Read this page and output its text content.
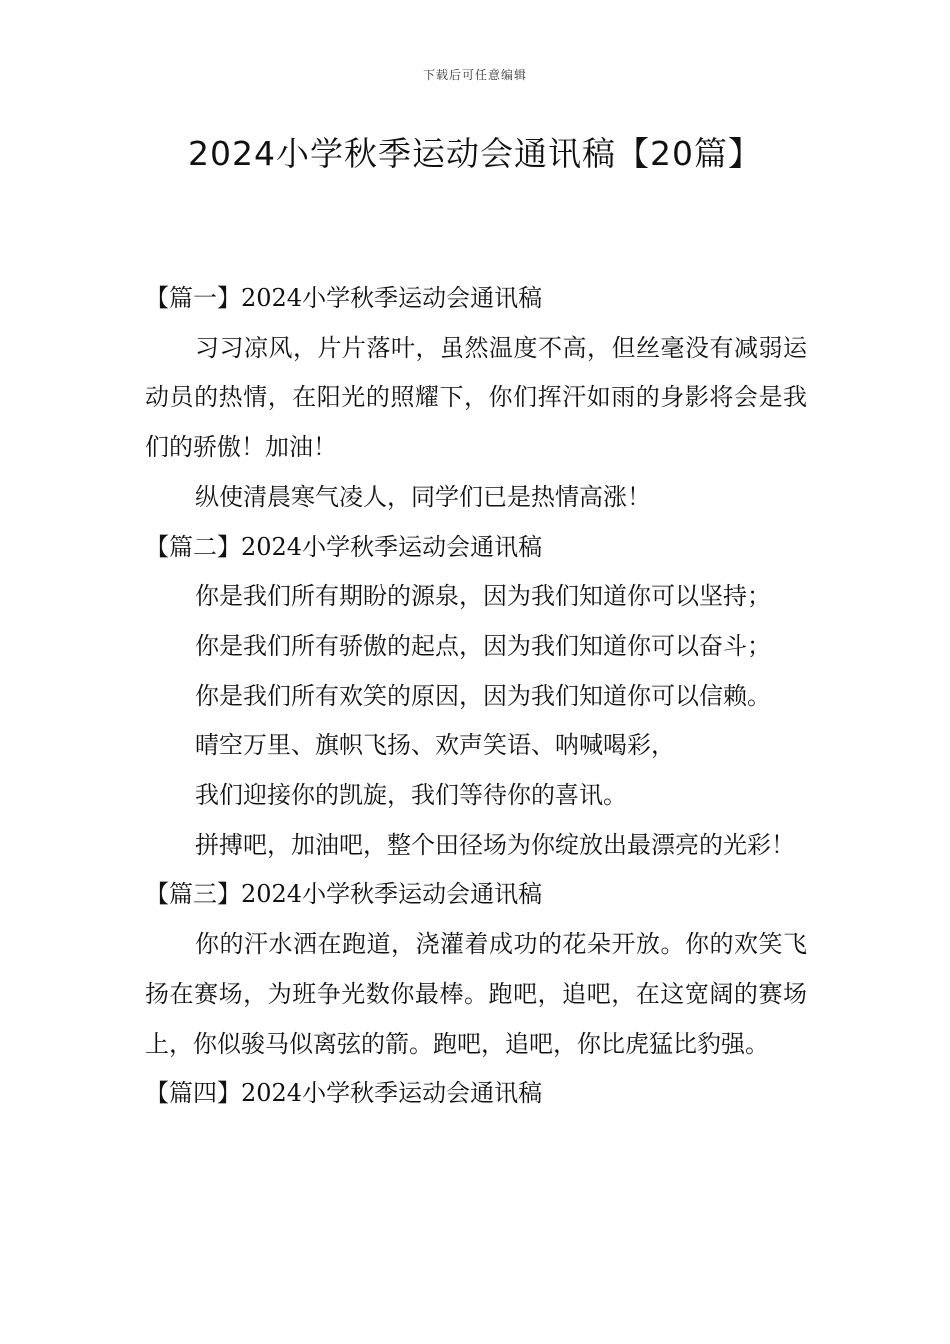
下载后可任意编辑
2024小学秋季运动会通讯稿【20篇】

【篇一】2024小学秋季运动会通讯稿

习习凉风，片片落叶，虽然温度不高，但丝毫没有减弱运动员的热情，在阳光的照耀下，你们挥汗如雨的身影将会是我们的骄傲！加油！

纵使清晨寒气凌人，同学们已是热情高涨！

【篇二】2024小学秋季运动会通讯稿

你是我们所有期盼的源泉，因为我们知道你可以坚持；

你是我们所有骄傲的起点，因为我们知道你可以奋斗；

你是我们所有欢笑的原因，因为我们知道你可以信赖。

晴空万里、旗帜飞扬、欢声笑语、呐喊喝彩，

我们迎接你的凯旋，我们等待你的喜讯。

拼搏吧，加油吧，整个田径场为你绽放出最漂亮的光彩！

【篇三】2024小学秋季运动会通讯稿

你的汗水洒在跑道，浇灌着成功的花朵开放。你的欢笑飞扬在赛场，为班争光数你最棒。跑吧，追吧，在这宽阔的赛场上，你似骏马似离弦的箭。跑吧，追吧，你比虎猛比豹强。

【篇四】2024小学秋季运动会通讯稿
